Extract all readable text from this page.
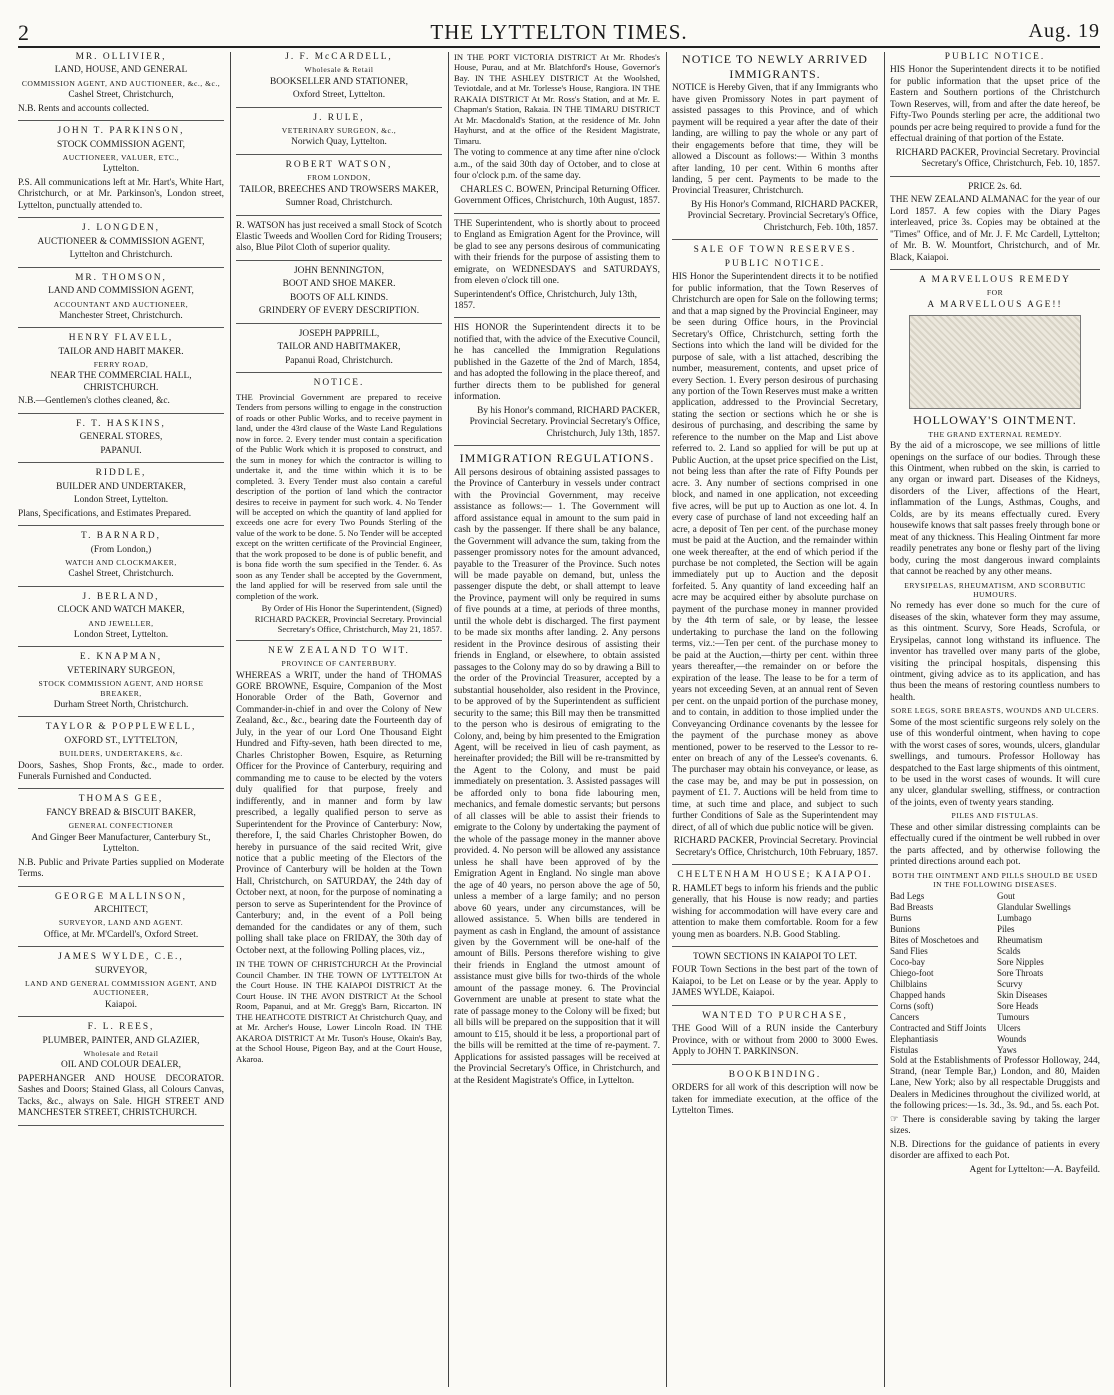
2	THE LYTTELTON TIMES.	Aug. 19

MR. OLLIVIER,

LAND, HOUSE, AND GENERAL

COMMISSION AGENT, AND AUCTIONEER, &c., &c.,

Cashel Street, Christchurch,

N.B. Rents and accounts collected.

JOHN T. PARKINSON,

STOCK COMMISSION AGENT,

AUCTIONEER, VALUER, ETC.,

Lyttelton.

P.S. All communications left at Mr. Hart's, White Hart, Christchurch, or at Mr. Parkinson's, London street, Lyttelton, punctually attended to.

J. LONGDEN,

AUCTIONEER & COMMISSION AGENT,

Lyttelton and Christchurch.

MR. THOMSON,

LAND AND COMMISSION AGENT,

ACCOUNTANT AND AUCTIONEER,

Manchester Street, Christchurch.

HENRY FLAVELL,

TAILOR AND HABIT MAKER.

FERRY ROAD,

NEAR THE COMMERCIAL HALL, CHRISTCHURCH.

N.B.—Gentlemen's clothes cleaned, &c.

F. T. HASKINS,

GENERAL STORES,

PAPANUI.

RIDDLE,

BUILDER AND UNDERTAKER,

London Street, Lyttelton.

Plans, Specifications, and Estimates Prepared.

T. BARNARD,

(From London,)

WATCH AND CLOCKMAKER,

Cashel Street, Christchurch.

J. BERLAND,

CLOCK AND WATCH MAKER,

AND JEWELLER,

London Street, Lyttelton.

E. KNAPMAN,

VETERINARY SURGEON,

STOCK COMMISSION AGENT, AND HORSE BREAKER,

Durham Street North, Christchurch.

TAYLOR & POPPLEWELL,

OXFORD ST., LYTTELTON,

BUILDERS, UNDERTAKERS, &c.

Doors, Sashes, Shop Fronts, &c., made to order. Funerals Furnished and Conducted.

THOMAS GEE,

FANCY BREAD & BISCUIT BAKER,

GENERAL CONFECTIONER

And Ginger Beer Manufacturer, Canterbury St., Lyttelton.

N.B. Public and Private Parties supplied on Moderate Terms.

GEORGE MALLINSON,

ARCHITECT,

SURVEYOR, LAND AND AGENT.

Office, at Mr. M'Cardell's, Oxford Street.

JAMES WYLDE, C.E.,

SURVEYOR,

LAND AND GENERAL COMMISSION AGENT, AND AUCTIONEER,

Kaiapoi.

F. L. REES,

PLUMBER, PAINTER, AND GLAZIER,

Wholesale and Retail

OIL AND COLOUR DEALER,

PAPERHANGER AND HOUSE DECORATOR. Sashes and Doors; Stained Glass, all Colours Canvas, Tacks, &c., always on Sale. HIGH STREET AND MANCHESTER STREET, CHRISTCHURCH.

J. F. McCARDELL,

Wholesale & Retail

BOOKSELLER AND STATIONER,

Oxford Street, Lyttelton.

J. RULE,

VETERINARY SURGEON, &c.,

Norwich Quay, Lyttelton.

ROBERT WATSON,

FROM LONDON,

TAILOR, BREECHES AND TROWSERS MAKER,

Sumner Road, Christchurch.

R. WATSON has just received a small Stock of Scotch Elastic Tweeds and Woollen Cord for Riding Trousers; also, Blue Pilot Cloth of superior quality.

JOHN BENNINGTON,

BOOT AND SHOE MAKER.

BOOTS OF ALL KINDS.

GRINDERY OF EVERY DESCRIPTION.

JOSEPH PAPPRILL,

TAILOR AND HABITMAKER,

Papanui Road, Christchurch.

NOTICE.

THE Provincial Government are prepared to receive Tenders from persons willing to engage in the construction of roads or other Public Works, and to receive payment in land, under the 43rd clause of the Waste Land Regulations now in force. 2. Every tender must contain a specification of the Public Work which it is proposed to construct, and the sum in money for which the contractor is willing to undertake it, and the time within which it is to be completed. 3. Every Tender must also contain a careful description of the portion of land which the contractor desires to receive in payment for such work. 4. No Tender will be accepted on which the quantity of land applied for exceeds one acre for every Two Pounds Sterling of the value of the work to be done. 5. No Tender will be accepted except on the written certificate of the Provincial Engineer, that the work proposed to be done is of public benefit, and is bona fide worth the sum specified in the Tender. 6. As soon as any Tender shall be accepted by the Government, the land applied for will be reserved from sale until the completion of the work.

By Order of His Honor the Superintendent, (Signed) RICHARD PACKER, Provincial Secretary. Provincial Secretary's Office, Christchurch, May 21, 1857.

NEW ZEALAND TO WIT.

PROVINCE OF CANTERBURY.

WHEREAS a WRIT, under the hand of THOMAS GORE BROWNE, Esquire, Companion of the Most Honorable Order of the Bath, Governor and Commander-in-chief in and over the Colony of New Zealand, &c., &c., bearing date the Fourteenth day of July, in the year of our Lord One Thousand Eight Hundred and Fifty-seven, hath been directed to me, Charles Christopher Bowen, Esquire, as Returning Officer for the Province of Canterbury, requiring and commanding me to cause to be elected by the voters duly qualified for that purpose, freely and indifferently, and in manner and form by law prescribed, a legally qualified person to serve as Superintendent for the Province of Canterbury: Now, therefore, I, the said Charles Christopher Bowen, do hereby in pursuance of the said recited Writ, give notice that a public meeting of the Electors of the Province of Canterbury will be holden at the Town Hall, Christchurch, on SATURDAY, the 24th day of October next, at noon, for the purpose of nominating a person to serve as Superintendent for the Province of Canterbury; and, in the event of a Poll being demanded for the candidates or any of them, such polling shall take place on FRIDAY, the 30th day of October next, at the following Polling places, viz.,

IN THE TOWN OF CHRISTCHURCH At the Provincial Council Chamber. IN THE TOWN OF LYTTELTON At the Court House. IN THE KAIAPOI DISTRICT At the Court House. IN THE AVON DISTRICT At the School Room, Papanui, and at Mr. Gregg's Barn, Riccarton. IN THE HEATHCOTE DISTRICT At Christchurch Quay, and at Mr. Archer's House, Lower Lincoln Road. IN THE AKAROA DISTRICT At Mr. Tuson's House, Okain's Bay, at the School House, Pigeon Bay, and at the Court House, Akaroa.

IN THE PORT VICTORIA DISTRICT At Mr. Rhodes's House, Purau, and at Mr. Blatchford's House, Governor's Bay. IN THE ASHLEY DISTRICT At the Woolshed, Teviotdale, and at Mr. Torlesse's House, Rangiora. IN THE RAKAIA DISTRICT At Mr. Ross's Station, and at Mr. E. Chapman's Station, Rakaia. IN THE TIMARU DISTRICT At Mr. Macdonald's Station, at the residence of Mr. John Hayhurst, and at the office of the Resident Magistrate, Timaru.

The voting to commence at any time after nine o'clock a.m., of the said 30th day of October, and to close at four o'clock p.m. of the same day.

CHARLES C. BOWEN, Principal Returning Officer. Government Offices, Christchurch, 10th August, 1857.

THE Superintendent, who is shortly about to proceed to England as Emigration Agent for the Province, will be glad to see any persons desirous of communicating with their friends for the purpose of assisting them to emigrate, on WEDNESDAYS and SATURDAYS, from eleven o'clock till one.

Superintendent's Office, Christchurch, July 13th, 1857.

HIS HONOR the Superintendent directs it to be notified that, with the advice of the Executive Council, he has cancelled the Immigration Regulations published in the Gazette of the 2nd of March, 1854, and has adopted the following in the place thereof, and further directs them to be published for general information.

By his Honor's command, RICHARD PACKER, Provincial Secretary. Provincial Secretary's Office, Christchurch, July 13th, 1857.

IMMIGRATION REGULATIONS.

All persons desirous of obtaining assisted passages to the Province of Canterbury in vessels under contract with the Provincial Government, may receive assistance as follows:— 1. The Government will afford assistance equal in amount to the sum paid in cash by the passenger. If there shall be any balance, the Government will advance the sum, taking from the passenger promissory notes for the amount advanced, payable to the Treasurer of the Province. Such notes will be made payable on demand, but, unless the passenger dispute the debt, or shall attempt to leave the Province, payment will only be required in sums of five pounds at a time, at periods of three months, until the whole debt is discharged. The first payment to be made six months after landing. 2. Any persons resident in the Province desirous of assisting their friends in England, or elsewhere, to obtain assisted passages to the Colony may do so by drawing a Bill to the order of the Provincial Treasurer, accepted by a substantial householder, also resident in the Province, to be approved of by the Superintendent as sufficient security to the same; this Bill may then be transmitted to the person who is desirous of emigrating to the Colony, and, being by him presented to the Emigration Agent, will be received in lieu of cash payment, as hereinafter provided; the Bill will be re-transmitted by the Agent to the Colony, and must be paid immediately on presentation. 3. Assisted passages will be afforded only to bona fide labouring men, mechanics, and female domestic servants; but persons of all classes will be able to assist their friends to emigrate to the Colony by undertaking the payment of the whole of the passage money in the manner above provided. 4. No person will be allowed any assistance unless he shall have been approved of by the Emigration Agent in England. No single man above the age of 40 years, no person above the age of 50, unless a member of a large family; and no person above 60 years, under any circumstances, will be allowed assistance. 5. When bills are tendered in payment as cash in England, the amount of assistance given by the Government will be one-half of the amount of Bills. Persons therefore wishing to give their friends in England the utmost amount of assistance must give bills for two-thirds of the whole amount of the passage money. 6. The Provincial Government are unable at present to state what the rate of passage money to the Colony will be fixed; but all bills will be prepared on the supposition that it will amount to £15, should it be less, a proportional part of the bills will be remitted at the time of re-payment. 7. Applications for assisted passages will be received at the Provincial Secretary's Office, in Christchurch, and at the Resident Magistrate's Office, in Lyttelton.

NOTICE TO NEWLY ARRIVED IMMIGRANTS.

NOTICE is Hereby Given, that if any Immigrants who have given Promissory Notes in part payment of assisted passages to this Province, and of which payment will be required a year after the date of their landing, are willing to pay the whole or any part of their engagements before that time, they will be allowed a Discount as follows:— Within 3 months after landing, 10 per cent. Within 6 months after landing, 5 per cent. Payments to be made to the Provincial Treasurer, Christchurch.

By His Honor's Command, RICHARD PACKER, Provincial Secretary. Provincial Secretary's Office, Christchurch, Feb. 10th, 1857.

SALE OF TOWN RESERVES.

PUBLIC NOTICE.

HIS Honor the Superintendent directs it to be notified for public information, that the Town Reserves of Christchurch are open for Sale on the following terms; and that a map signed by the Provincial Engineer, may be seen during Office hours, in the Provincial Secretary's Office, Christchurch, setting forth the Sections into which the land will be divided for the purpose of sale, with a list attached, describing the number, measurement, contents, and upset price of every Section. 1. Every person desirous of purchasing any portion of the Town Reserves must make a written application, addressed to the Provincial Secretary, stating the section or sections which he or she is desirous of purchasing, and describing the same by reference to the number on the Map and List above referred to. 2. Land so applied for will be put up at Public Auction, at the upset price specified on the List, not being less than after the rate of Fifty Pounds per acre. 3. Any number of sections comprised in one block, and named in one application, not exceeding five acres, will be put up to Auction as one lot. 4. In every case of purchase of land not exceeding half an acre, a deposit of Ten per cent. of the purchase money must be paid at the Auction, and the remainder within one week thereafter, at the end of which period if the purchase be not completed, the Section will be again immediately put up to Auction and the deposit forfeited. 5. Any quantity of land exceeding half an acre may be acquired either by absolute purchase on payment of the purchase money in manner provided by the 4th term of sale, or by lease, the lessee undertaking to purchase the land on the following terms, viz.:—Ten per cent. of the purchase money to be paid at the Auction,—thirty per cent. within three years thereafter,—the remainder on or before the expiration of the lease. The lease to be for a term of years not exceeding Seven, at an annual rent of Seven per cent. on the unpaid portion of the purchase money, and to contain, in addition to those implied under the Conveyancing Ordinance covenants by the lessee for the payment of the purchase money as above mentioned, power to be reserved to the Lessor to re-enter on breach of any of the Lessee's covenants. 6. The purchaser may obtain his conveyance, or lease, as the case may be, and may be put in possession, on payment of £1. 7. Auctions will be held from time to time, at such time and place, and subject to such further Conditions of Sale as the Superintendent may direct, of all of which due public notice will be given.

RICHARD PACKER, Provincial Secretary. Provincial Secretary's Office, Christchurch, 10th February, 1857.

CHELTENHAM HOUSE; KAIAPOI.

R. HAMLET begs to inform his friends and the public generally, that his House is now ready; and parties wishing for accommodation will have every care and attention to make them comfortable. Room for a few young men as boarders. N.B. Good Stabling.

TOWN SECTIONS IN KAIAPOI TO LET.

FOUR Town Sections in the best part of the town of Kaiapoi, to be Let on Lease or by the year. Apply to JAMES WYLDE, Kaiapoi.

WANTED TO PURCHASE,

THE Good Will of a RUN inside the Canterbury Province, with or without from 2000 to 3000 Ewes. Apply to JOHN T. PARKINSON.

BOOKBINDING.

ORDERS for all work of this description will now be taken for immediate execution, at the office of the Lyttelton Times.

PUBLIC NOTICE.

HIS Honor the Superintendent directs it to be notified for public information that the upset price of the Eastern and Southern portions of the Christchurch Town Reserves, will, from and after the date hereof, be Fifty-Two Pounds sterling per acre, the additional two pounds per acre being required to provide a fund for the effectual draining of that portion of the Estate.

RICHARD PACKER, Provincial Secretary. Provincial Secretary's Office, Christchurch, Feb. 10, 1857.

PRICE 2s. 6d.

THE NEW ZEALAND ALMANAC for the year of our Lord 1857. A few copies with the Diary Pages interleaved, price 3s. Copies may be obtained at the "Times" Office, and of Mr. J. F. Mc Cardell, Lyttelton; of Mr. B. W. Mountfort, Christchurch, and of Mr. Black, Kaiapoi.

A MARVELLOUS REMEDY

FOR

A MARVELLOUS AGE!!

HOLLOWAY'S OINTMENT.

THE GRAND EXTERNAL REMEDY.

By the aid of a microscope, we see millions of little openings on the surface of our bodies. Through these this Ointment, when rubbed on the skin, is carried to any organ or inward part. Diseases of the Kidneys, disorders of the Liver, affections of the Heart, inflammation of the Lungs, Asthmas, Coughs, and Colds, are by its means effectually cured. Every housewife knows that salt passes freely through bone or meat of any thickness. This Healing Ointment far more readily penetrates any bone or fleshy part of the living body, curing the most dangerous inward complaints that cannot be reached by any other means.

ERYSIPELAS, RHEUMATISM, AND SCORBUTIC HUMOURS.

No remedy has ever done so much for the cure of diseases of the skin, whatever form they may assume, as this ointment. Scurvy, Sore Heads, Scrofula, or Erysipelas, cannot long withstand its influence. The inventor has travelled over many parts of the globe, visiting the principal hospitals, dispensing this ointment, giving advice as to its application, and has thus been the means of restoring countless numbers to health.

SORE LEGS, SORE BREASTS, WOUNDS AND ULCERS.

Some of the most scientific surgeons rely solely on the use of this wonderful ointment, when having to cope with the worst cases of sores, wounds, ulcers, glandular swellings, and tumours. Professor Holloway has despatched to the East large shipments of this ointment, to be used in the worst cases of wounds. It will cure any ulcer, glandular swelling, stiffness, or contraction of the joints, even of twenty years standing.

PILES AND FISTULAS.

These and other similar distressing complaints can be effectually cured if the ointment be well rubbed in over the parts affected, and by otherwise following the printed directions around each pot.

BOTH THE OINTMENT AND PILLS SHOULD BE USED IN THE FOLLOWING DISEASES.

Bad Legs
Bad Breasts
Burns
Bunions
Bites of Moschetoes and Sand Flies
Coco-bay
Chiego-foot
Chilblains
Chapped hands
Corns (soft)
Cancers
Contracted and Stiff Joints
Elephantiasis
Fistulas
Gout
Glandular Swellings
Lumbago
Piles
Rheumatism
Scalds
Sore Nipples
Sore Throats
Scurvy
Skin Diseases
Sore Heads
Tumours
Ulcers
Wounds
Yaws

Sold at the Establishments of Professor Holloway, 244, Strand, (near Temple Bar,) London, and 80, Maiden Lane, New York; also by all respectable Druggists and Dealers in Medicines throughout the civilized world, at the following prices:—1s. 3d., 3s. 9d., and 5s. each Pot.

☞ There is considerable saving by taking the larger sizes.

N.B. Directions for the guidance of patients in every disorder are affixed to each Pot.

Agent for Lyttelton:—A. Bayfeild.
